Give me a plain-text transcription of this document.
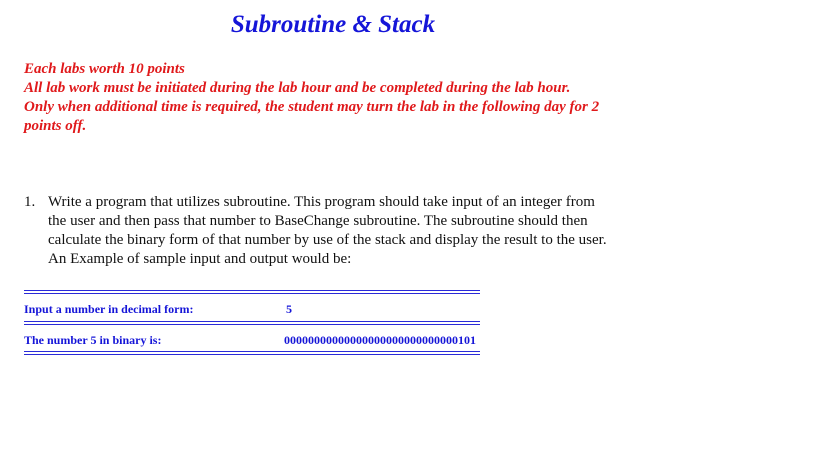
Subroutine & Stack
Each labs worth 10 points
All lab work must be initiated during the lab hour and be completed during the lab hour.
Only when additional time is required, the student may turn the lab in the following day for 2
points off.
1. Write a program that utilizes subroutine. This program should take input of an integer from
the user and then pass that number to BaseChange subroutine. The subroutine should then
calculate the binary form of that number by use of the stack and display the result to the user.
An Example of sample input and output would be:
Input a number in decimal form:	5
The number 5 in binary is:	00000000000000000000000000000101
